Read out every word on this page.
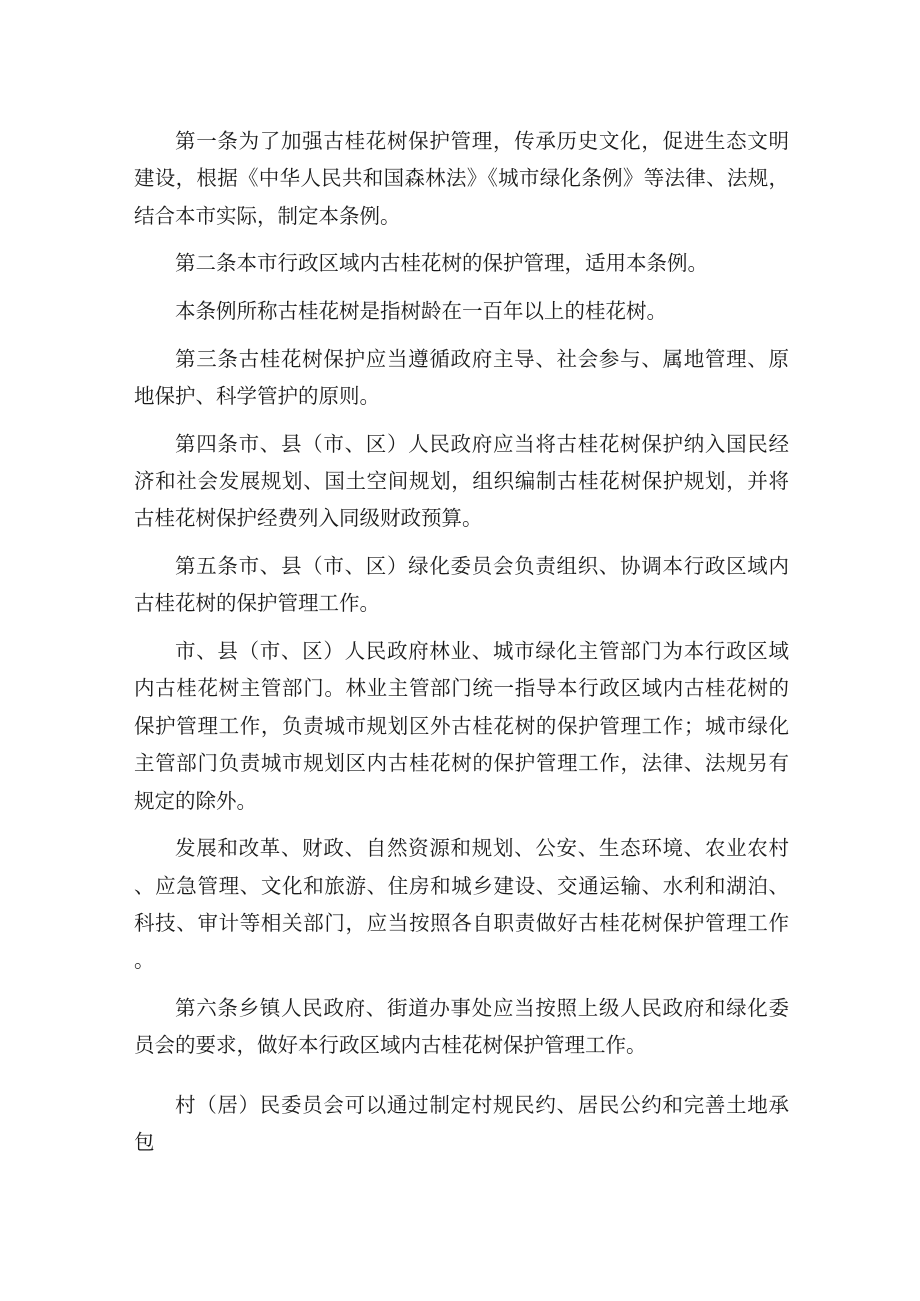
第一条为了加强古桂花树保护管理，传承历史文化，促进生态文明建设，根据《中华人民共和国森林法》《城市绿化条例》等法律、法规，结合本市实际，制定本条例。

第二条本市行政区域内古桂花树的保护管理，适用本条例。

本条例所称古桂花树是指树龄在一百年以上的桂花树。

第三条古桂花树保护应当遵循政府主导、社会参与、属地管理、原地保护、科学管护的原则。

第四条市、县（市、区）人民政府应当将古桂花树保护纳入国民经济和社会发展规划、国土空间规划，组织编制古桂花树保护规划，并将古桂花树保护经费列入同级财政预算。

第五条市、县（市、区）绿化委员会负责组织、协调本行政区域内古桂花树的保护管理工作。

市、县（市、区）人民政府林业、城市绿化主管部门为本行政区域内古桂花树主管部门。林业主管部门统一指导本行政区域内古桂花树的保护管理工作，负责城市规划区外古桂花树的保护管理工作；城市绿化主管部门负责城市规划区内古桂花树的保护管理工作，法律、法规另有规定的除外。

发展和改革、财政、自然资源和规划、公安、生态环境、农业农村、应急管理、文化和旅游、住房和城乡建设、交通运输、水利和湖泊、科技、审计等相关部门，应当按照各自职责做好古桂花树保护管理工作。

第六条乡镇人民政府、街道办事处应当按照上级人民政府和绿化委员会的要求，做好本行政区域内古桂花树保护管理工作。

村（居）民委员会可以通过制定村规民约、居民公约和完善土地承包
